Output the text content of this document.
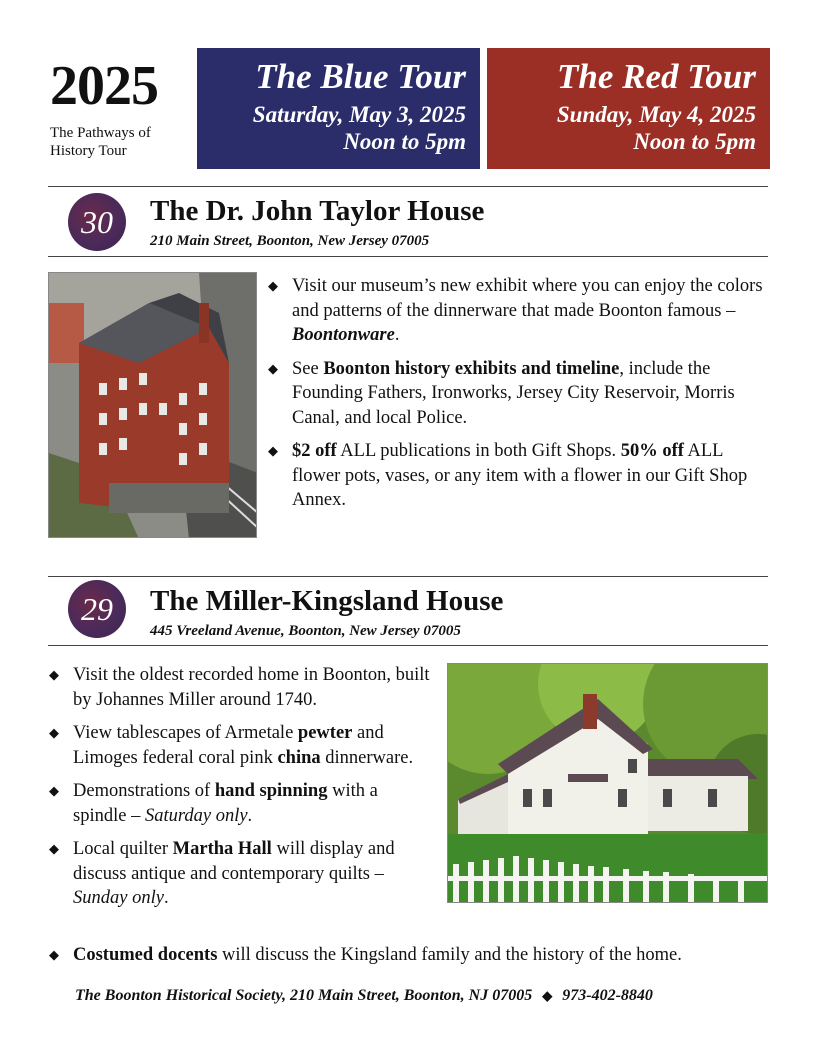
2025
The Pathways of
History Tour
The Blue Tour
Saturday, May 3, 2025
Noon to 5pm
The Red Tour
Sunday, May 4, 2025
Noon to 5pm
30	The Dr. John Taylor House
210 Main Street, Boonton, New Jersey 07005
◆ Visit our museum’s new exhibit where you can enjoy the colors and patterns of the dinnerware that made Boonton famous – Boontonware.
◆ See Boonton history exhibits and timeline, include the Founding Fathers, Ironworks, Jersey City Reservoir, Morris Canal, and local Police.
◆ $2 off ALL publications in both Gift Shops. 50% off ALL flower pots, vases, or any item with a flower in our Gift Shop Annex.
29	The Miller-Kingsland House
445 Vreeland Avenue, Boonton, New Jersey 07005
◆ Visit the oldest recorded home in Boonton, built by Johannes Miller around 1740.
◆ View tablescapes of Armetale pewter and Limoges federal coral pink china dinnerware.
◆ Demonstrations of hand spinning with a spindle – Saturday only.
◆ Local quilter Martha Hall will display and discuss antique and contemporary quilts – Sunday only.
◆ Costumed docents will discuss the Kingsland family and the history of the home.
The Boonton Historical Society, 210 Main Street, Boonton, NJ 07005 ◆ 973-402-8840
